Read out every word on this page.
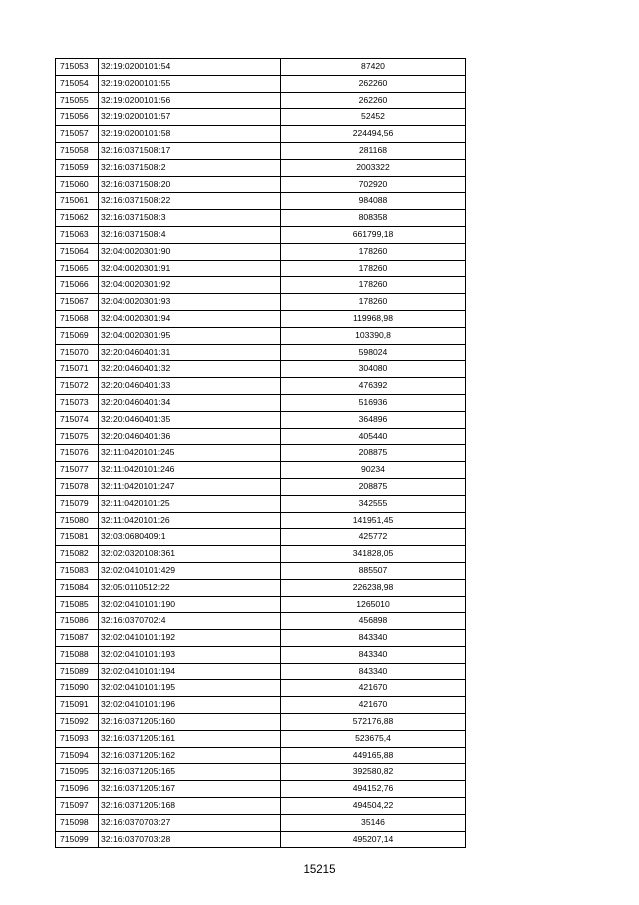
715053	32:19:0200101:54	87420
715054	32:19:0200101:55	262260
715055	32:19:0200101:56	262260
715056	32:19:0200101:57	52452
715057	32:19:0200101:58	224494,56
715058	32:16:0371508:17	281168
715059	32:16:0371508:2	2003322
715060	32:16:0371508:20	702920
715061	32:16:0371508:22	984088
715062	32:16:0371508:3	808358
715063	32:16:0371508:4	661799,18
715064	32:04:0020301:90	178260
715065	32:04:0020301:91	178260
715066	32:04:0020301:92	178260
715067	32:04:0020301:93	178260
715068	32:04:0020301:94	119968,98
715069	32:04:0020301:95	103390,8
715070	32:20:0460401:31	598024
715071	32:20:0460401:32	304080
715072	32:20:0460401:33	476392
715073	32:20:0460401:34	516936
715074	32:20:0460401:35	364896
715075	32:20:0460401:36	405440
715076	32:11:0420101:245	208875
715077	32:11:0420101:246	90234
715078	32:11:0420101:247	208875
715079	32:11:0420101:25	342555
715080	32:11:0420101:26	141951,45
715081	32:03:0680409:1	425772
715082	32:02:0320108:361	341828,05
715083	32:02:0410101:429	885507
715084	32:05:0110512:22	226238,98
715085	32:02:0410101:190	1265010
715086	32:16:0370702:4	456898
715087	32:02:0410101:192	843340
715088	32:02:0410101:193	843340
715089	32:02:0410101:194	843340
715090	32:02:0410101:195	421670
715091	32:02:0410101:196	421670
715092	32:16:0371205:160	572176,88
715093	32:16:0371205:161	523675,4
715094	32:16:0371205:162	449165,88
715095	32:16:0371205:165	392580,82
715096	32:16:0371205:167	494152,76
715097	32:16:0371205:168	494504,22
715098	32:16:0370703:27	35146
715099	32:16:0370703:28	495207,14
15215
